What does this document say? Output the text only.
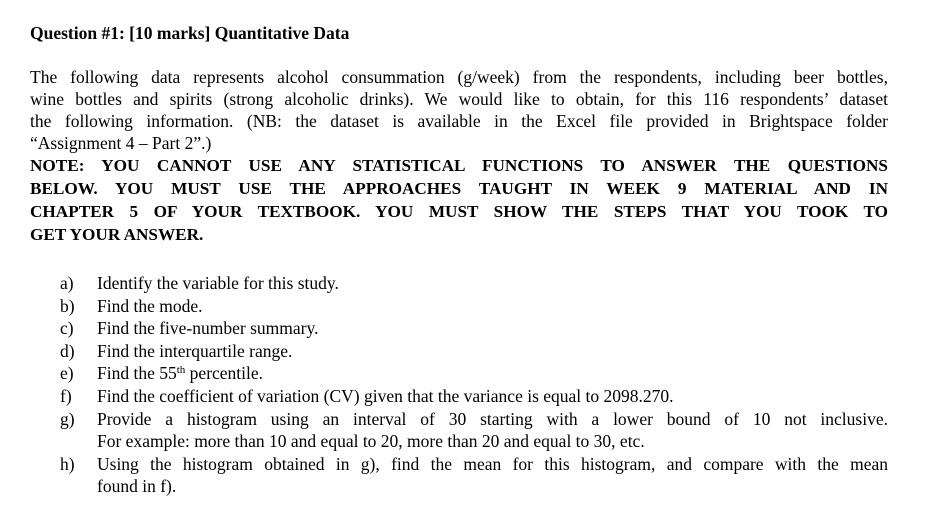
Question #1: [10 marks] Quantitative Data

The following data represents alcohol consummation (g/week) from the respondents, including beer bottles,
wine bottles and spirits (strong alcoholic drinks). We would like to obtain, for this 116 respondents’ dataset
the following information. (NB: the dataset is available in the Excel file provided in Brightspace folder
“Assignment 4 – Part 2”.)

NOTE: YOU CANNOT USE ANY STATISTICAL FUNCTIONS TO ANSWER THE QUESTIONS
BELOW. YOU MUST USE THE APPROACHES TAUGHT IN WEEK 9 MATERIAL AND IN
CHAPTER 5 OF YOUR TEXTBOOK. YOU MUST SHOW THE STEPS THAT YOU TOOK TO
GET YOUR ANSWER.

a) Identify the variable for this study.
b) Find the mode.
c) Find the five-number summary.
d) Find the interquartile range.
e) Find the 55th percentile.
f) Find the coefficient of variation (CV) given that the variance is equal to 2098.270.
g) Provide a histogram using an interval of 30 starting with a lower bound of 10 not inclusive.
For example: more than 10 and equal to 20, more than 20 and equal to 30, etc.
h) Using the histogram obtained in g), find the mean for this histogram, and compare with the mean
found in f).
